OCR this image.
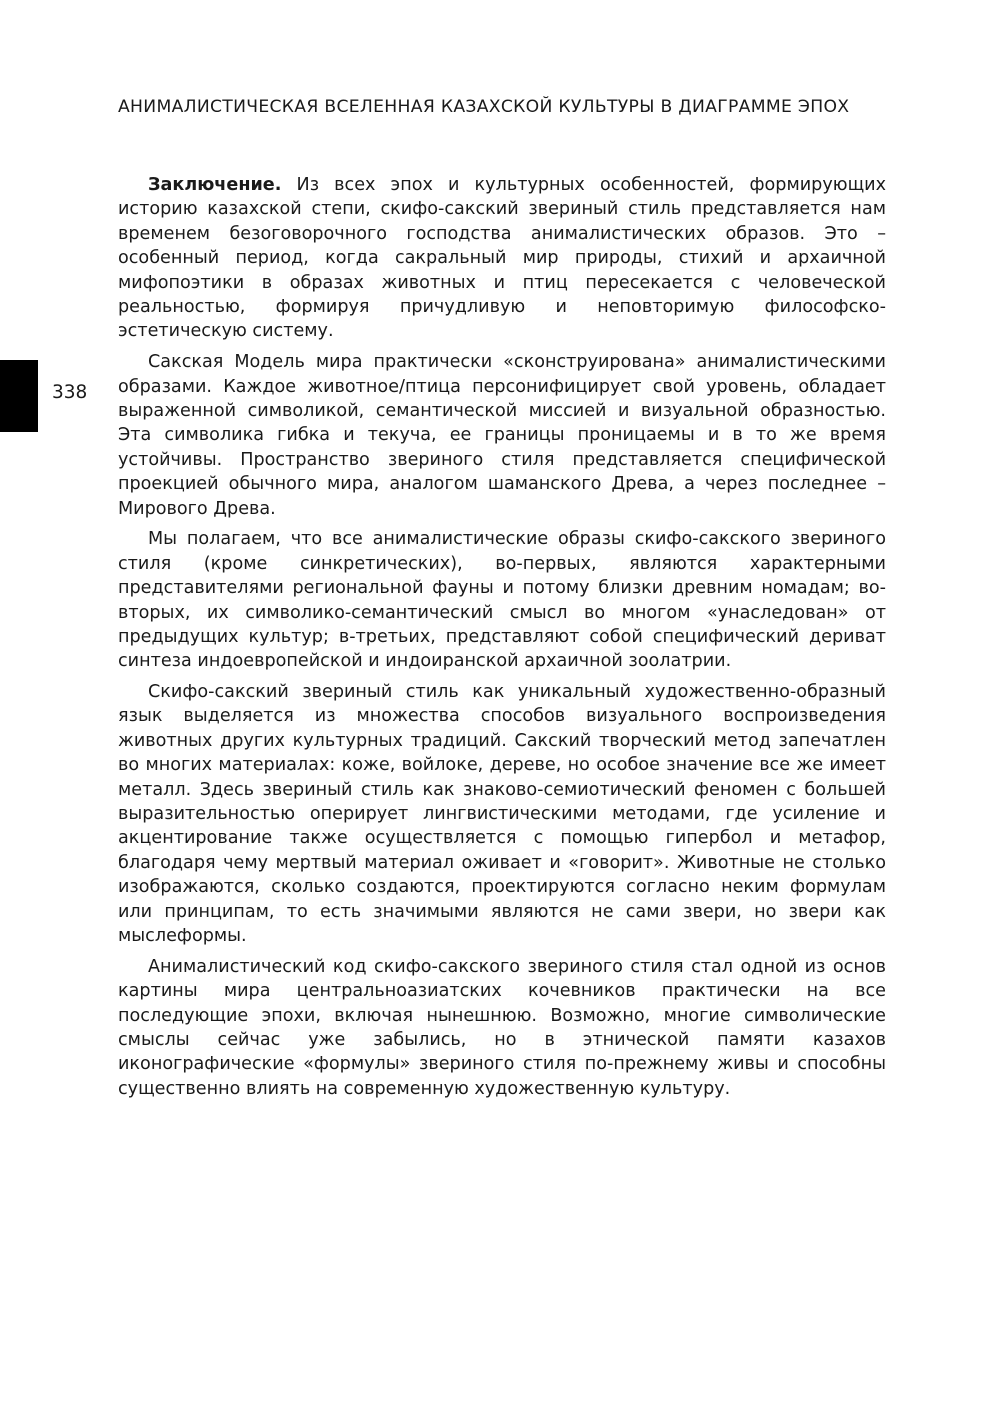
АНИМАЛИСТИЧЕСКАЯ ВСЕЛЕННАЯ КАЗАХСКОЙ КУЛЬТУРЫ В ДИАГРАММЕ ЭПОХ
338

Заключение. Из всех эпох и культурных особенностей, формирующих историю казахской степи, скифо-сакский звериный стиль представляется нам временем безоговорочного господства анималистических образов. Это – особенный период, когда сакральный мир природы, стихий и архаичной мифопоэтики в образах животных и птиц пересекается с человеческой реальностью, формируя причудливую и неповторимую философско-эстетическую систему.

Сакская Модель мира практически «сконструирована» анималистическими образами. Каждое животное/птица персонифицирует свой уровень, обладает выраженной символикой, семантической миссией и визуальной образностью. Эта символика гибка и текуча, ее границы проницаемы и в то же время устойчивы. Пространство звериного стиля представляется специфической проекцией обычного мира, аналогом шаманского Древа, а через последнее – Мирового Древа.

Мы полагаем, что все анималистические образы скифо-сакского звериного стиля (кроме синкретических), во-первых, являются характерными представителями региональной фауны и потому близки древним номадам; во-вторых, их символико-семантический смысл во многом «унаследован» от предыдущих культур; в-третьих, представляют собой специфический дериват синтеза индоевропейской и индоиранской архаичной зоолатрии.

Скифо-сакский звериный стиль как уникальный художественно-образный язык выделяется из множества способов визуального воспроизведения животных других культурных традиций. Сакский творческий метод запечатлен во многих материалах: коже, войлоке, дереве, но особое значение все же имеет металл. Здесь звериный стиль как знаково-семиотический феномен с большей выразительностью оперирует лингвистическими методами, где усиление и акцентирование также осуществляется с помощью гипербол и метафор, благодаря чему мертвый материал оживает и «говорит». Животные не столько изображаются, сколько создаются, проектируются согласно неким формулам или принципам, то есть значимыми являются не сами звери, но звери как мыслеформы.

Анималистический код скифо-сакского звериного стиля стал одной из основ картины мира центральноазиатских кочевников практически на все последующие эпохи, включая нынешнюю. Возможно, многие символические смыслы сейчас уже забылись, но в этнической памяти казахов иконографические «формулы» звериного стиля по-прежнему живы и способны существенно влиять на современную художественную культуру.
